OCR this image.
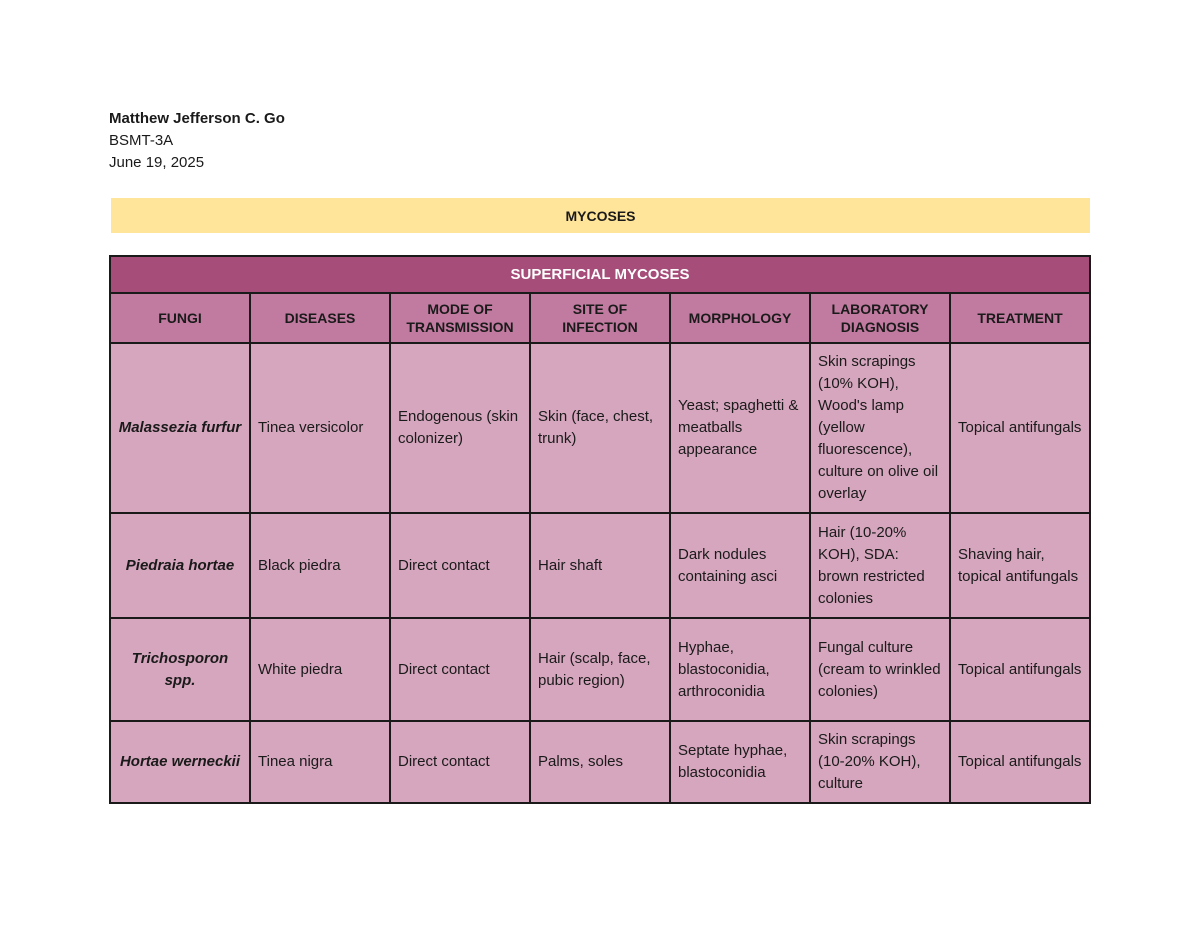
Matthew Jefferson C. Go
BSMT-3A
June 19, 2025
MYCOSES
SUPERFICIAL MYCOSES						
FUNGI	DISEASES	MODE OF TRANSMISSION	SITE OF INFECTION	MORPHOLOGY	LABORATORY DIAGNOSIS	TREATMENT
Malassezia furfur	Tinea versicolor	Endogenous (skin colonizer)	Skin (face, chest, trunk)	Yeast; spaghetti & meatballs appearance	Skin scrapings (10% KOH), Wood's lamp (yellow fluorescence), culture on olive oil overlay	Topical antifungals
Piedraia hortae	Black piedra	Direct contact	Hair shaft	Dark nodules containing asci	Hair (10-20% KOH), SDA: brown restricted colonies	Shaving hair, topical antifungals
Trichosporon spp.	White piedra	Direct contact	Hair (scalp, face, pubic region)	Hyphae, blastoconidia, arthroconidia	Fungal culture (cream to wrinkled colonies)	Topical antifungals
Hortae werneckii	Tinea nigra	Direct contact	Palms, soles	Septate hyphae, blastoconidia	Skin scrapings (10-20% KOH), culture	Topical antifungals
